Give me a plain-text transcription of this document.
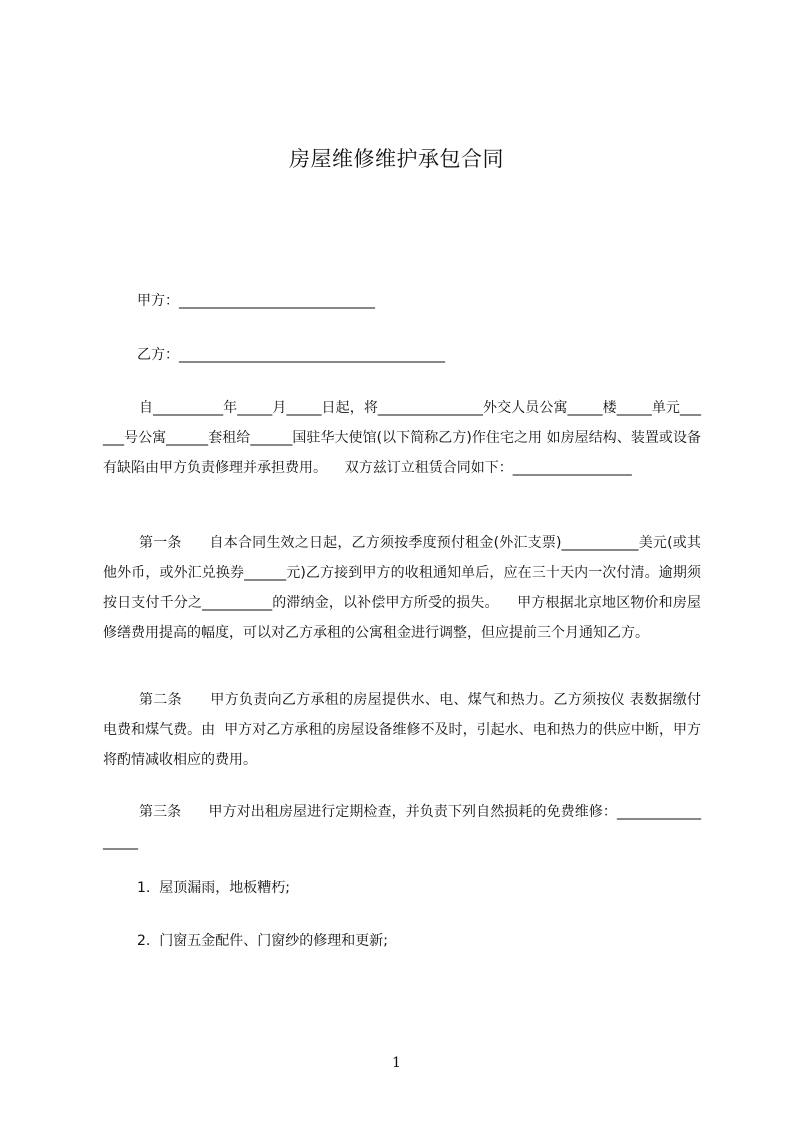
房屋维修维护承包合同
甲方：____________________________
乙方：______________________________________
自__________年_____月_____日起，将_______________外交人员公寓_____楼_____单元______号公寓______套租给______国驻华大使馆(以下简称乙方)作住宅之用 如房屋结构、装置或设备有缺陷由甲方负责修理并承担费用。    双方兹订立租赁合同如下：_________________
第一条      自本合同生效之日起，乙方须按季度预付租金(外汇支票)___________美元(或其他外币，或外汇兑换券______元)乙方接到甲方的收租通知单后，应在三十天内一次付清。逾期须按日支付千分之__________的滞纳金，以补偿甲方所受的损失。    甲方根据北京地区物价和房屋修缮费用提高的幅度，可以对乙方承租的公寓租金进行调整，但应提前三个月通知乙方。
第二条      甲方负责向乙方承租的房屋提供水、电、煤气和热力。乙方须按仪 表数据缴付电费和煤气费。由  甲方对乙方承租的房屋设备维修不及时，引起水、电和热力的供应中断，甲方将酌情减收相应的费用。
第三条      甲方对出租房屋进行定期检查，并负责下列自然损耗的免费维修：_________________
1.  屋顶漏雨，地板糟朽;
2.  门窗五金配件、门窗纱的修理和更新;
1
